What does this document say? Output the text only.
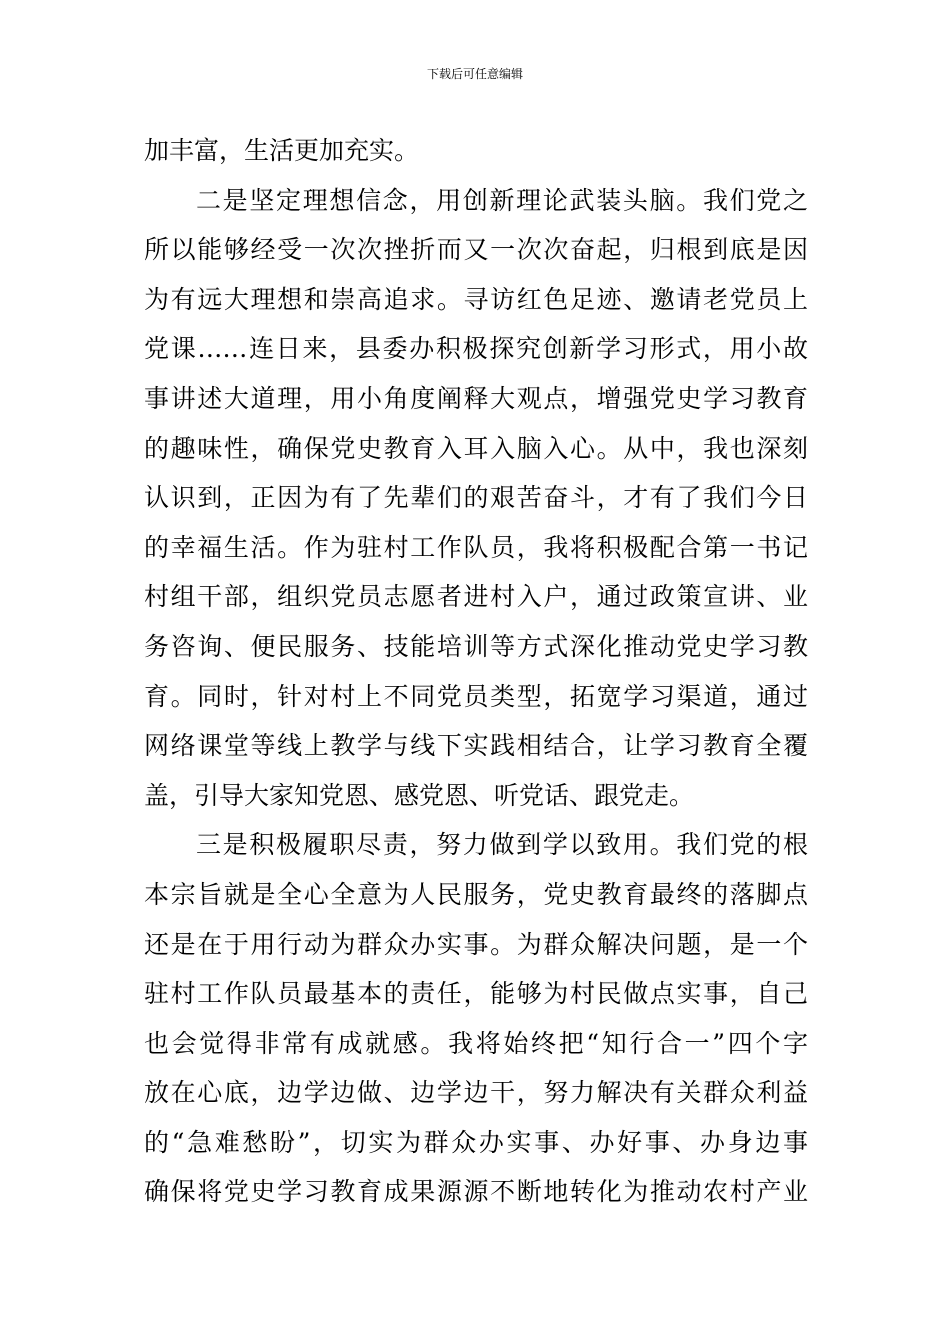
下载后可任意编辑
加丰富，生活更加充实。
二是坚定理想信念，用创新理论武装头脑。我们党之
所以能够经受一次次挫折而又一次次奋起，归根到底是因
为有远大理想和崇高追求。寻访红色足迹、邀请老党员上
党课……连日来，县委办积极探究创新学习形式，用小故
事讲述大道理，用小角度阐释大观点，增强党史学习教育
的趣味性，确保党史教育入耳入脑入心。从中，我也深刻
认识到，正因为有了先辈们的艰苦奋斗，才有了我们今日
的幸福生活。作为驻村工作队员，我将积极配合第一书记
村组干部，组织党员志愿者进村入户，通过政策宣讲、业
务咨询、便民服务、技能培训等方式深化推动党史学习教
育。同时，针对村上不同党员类型，拓宽学习渠道，通过
网络课堂等线上教学与线下实践相结合，让学习教育全覆
盖，引导大家知党恩、感党恩、听党话、跟党走。
三是积极履职尽责，努力做到学以致用。我们党的根
本宗旨就是全心全意为人民服务，党史教育最终的落脚点
还是在于用行动为群众办实事。为群众解决问题，是一个
驻村工作队员最基本的责任，能够为村民做点实事，自己
也会觉得非常有成就感。我将始终把“知行合一”四个字
放在心底，边学边做、边学边干，努力解决有关群众利益
的“急难愁盼”，切实为群众办实事、办好事、办身边事
确保将党史学习教育成果源源不断地转化为推动农村产业
